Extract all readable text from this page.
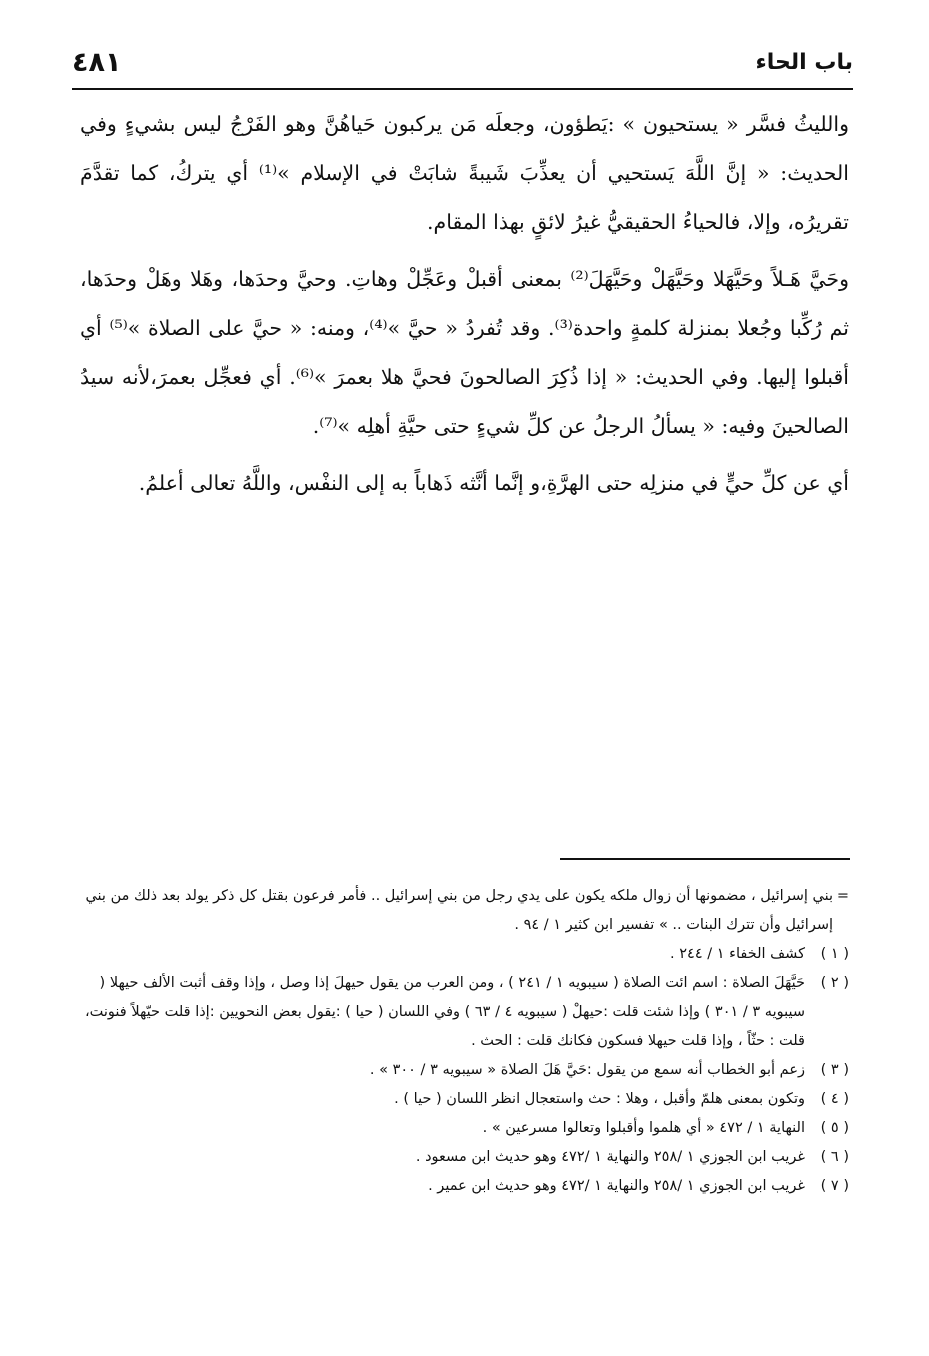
٤٨١	باب الحاء

والليثُ فسَّر « يستحيون » :يَطؤون، وجعلَه مَن يركبون حَياهُنَّ وهو الفَرْجُ ليس بشيءٍ وفي الحديث: « إنَّ اللَّهَ يَستحيي أن يعذِّبَ شَيبةً شابَتْ في الإسلام »⁽¹⁾ أي يتركُ، كما تقدَّمَ تقريرُه، وإلا، فالحياءُ الحقيقيُّ غيرُ لائقٍ بهذا المقام.

وحَيَّ هَـلاً وحَيَّهَلا وحَيَّهَلْ وحَيَّهَلَ⁽²⁾ بمعنى أقبلْ وعَجِّلْ وهاتِ. وحيَّ وحدَها، وهَلا وهَلْ وحدَها، ثم رُكِّبا وجُعلا بمنزلة كلمةٍ واحدة⁽³⁾. وقد تُفردُ « حيَّ »⁽⁴⁾، ومنه: « حيَّ على الصلاة »⁽⁵⁾ أي أقبلوا إليها. وفي الحديث: « إذا ذُكِرَ الصالحونَ فحيَّ هلا بعمرَ »⁽⁶⁾. أي فعجِّل بعمرَ،لأنه سيدُ الصالحينَ وفيه: « يسألُ الرجلُ عن كلِّ شيءٍ حتى حيَّةِ أهلِه »⁽⁷⁾.

أي عن كلِّ حيٍّ في منزلِه حتى الهرَّةِ،و إنَّما أنَّثه ذَهاباً به إلى النفْس، واللَّهُ تعالى أعلمُ.

=
بني إسرائيل ، مضمونها أن زوال ملكه يكون على يدي رجل من بني إسرائيل .. فأمر فرعون بقتل كل ذكر يولد بعد ذلك من بني إسرائيل وأن تترك البنات .. » تفسير ابن كثير ١ / ٩٤ .
( ١ )
كشف الخفاء ١ / ٢٤٤ .
( ٢ )
حَيَّهَلَ الصلاة : اسم ائت الصلاة ( سيبويه ١ / ٢٤١ ) ، ومن العرب من يقول حيهلَ إذا وصل ، وإذا وقف أثبت الألف حيهلا ( سيبويه ٣ / ٣٠١ ) وإذا شئت قلت :حيهلْ ( سيبويه ٤ / ٦٣ ) وفي اللسان ( حيا ) :يقول بعض النحويين :إذا قلت حيّهلاً فنونت، قلت : حثّاً ، وإذا قلت حيهلا فسكون فكانك قلت : الحث .
( ٣ )
زعم أبو الخطاب أنه سمع من يقول :حَيَّ هَلَ الصلاة « سيبويه ٣ / ٣٠٠ » .
( ٤ )
وتكون بمعنى هلمّ وأقبل ، وهلا : حث واستعجال انظر اللسان ( حيا ) .
( ٥ )
النهاية ١ / ٤٧٢ « أي هلموا وأقبلوا وتعالوا مسرعين » .
( ٦ )
غريب ابن الجوزي ١ /٢٥٨ والنهاية ١ /٤٧٢ وهو حديث ابن مسعود .
( ٧ )
غريب ابن الجوزي ١ /٢٥٨ والنهاية ١ /٤٧٢ وهو حديث ابن عمير .
